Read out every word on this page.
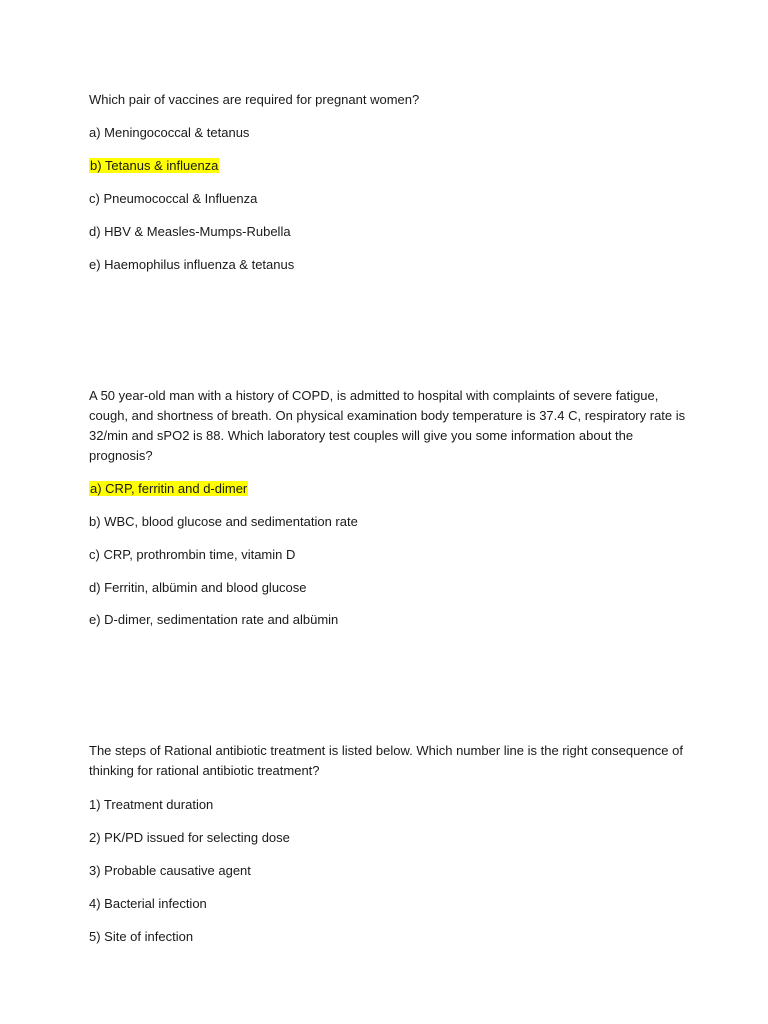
Which pair of vaccines are required for pregnant women?
a) Meningococcal & tetanus
b) Tetanus & influenza
c) Pneumococcal & Influenza
d) HBV & Measles-Mumps-Rubella
e) Haemophilus influenza & tetanus
A 50 year-old man with a history of COPD, is admitted to hospital with complaints of severe fatigue, cough, and shortness of breath. On physical examination body temperature is 37.4 C, respiratory rate is 32/min and sPO2 is 88. Which laboratory test couples will give you some information about the prognosis?
a) CRP, ferritin and d-dimer
b) WBC, blood glucose and sedimentation rate
c) CRP, prothrombin time, vitamin D
d) Ferritin, albümin and blood glucose
e) D-dimer, sedimentation rate and albümin
The steps of Rational antibiotic treatment is listed below. Which number line is the right consequence of thinking for rational antibiotic treatment?
1) Treatment duration
2) PK/PD issued for selecting dose
3) Probable causative agent
4) Bacterial infection
5) Site of infection
